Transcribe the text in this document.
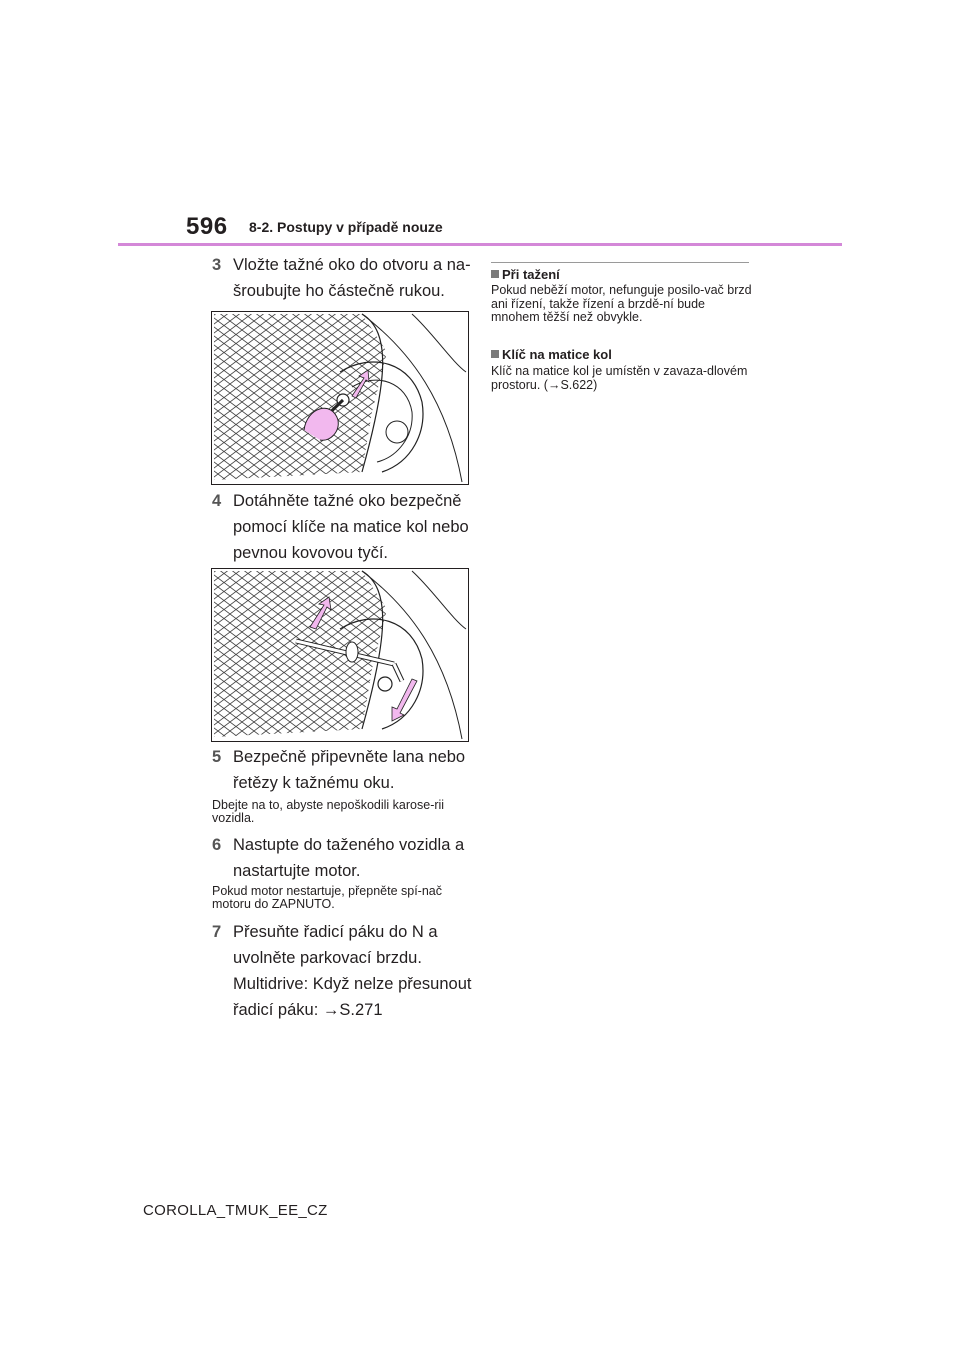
596 8-2. Postupy v případě nouze
3 Vložte tažné oko do otvoru a na-šroubujte ho částečně rukou.
4 Dotáhněte tažné oko bezpečně pomocí klíče na matice kol nebo pevnou kovovou tyčí.
5 Bezpečně připevněte lana nebo řetězy k tažnému oku.
Dbejte na to, abyste nepoškodili karose-rii vozidla.
6 Nastupte do taženého vozidla a nastartujte motor.
Pokud motor nestartuje, přepněte spí-nač motoru do ZAPNUTO.
7 Přesuňte řadicí páku do N a uvolněte parkovací brzdu. Multidrive: Když nelze přesunout řadicí páku: →S.271
Při tažení
Pokud neběží motor, nefunguje posilo-vač brzd ani řízení, takže řízení a brzdě-ní bude mnohem těžší než obvykle.
Klíč na matice kol
Klíč na matice kol je umístěn v zavaza-dlovém prostoru. (→S.622)
COROLLA_TMUK_EE_CZ
